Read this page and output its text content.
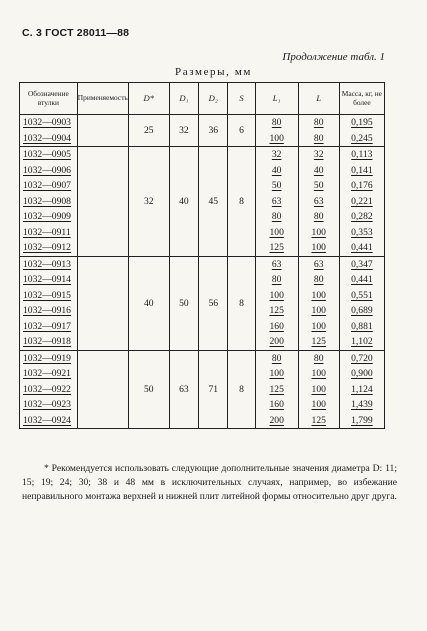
С. 3 ГОСТ 28011—88
Продолжение табл. 1
Размеры, мм
Обозначение втулки	Применяемость	D*	D₁	D₂	S	L₁	L	Масса, кг, не более
1032—0903		25	32	36	6	80	80	0,195
1032—0904						100	80	0,245
1032—0905		32	40	45	8	32	32	0,113
1032—0906						40	40	0,141
1032—0907						50	50	0,176
1032—0908						63	63	0,221
1032—0909						80	80	0,282
1032—0911						100	100	0,353
1032—0912						125	100	0,441
1032—0913		40	50	56	8	63	63	0,347
1032—0914						80	80	0,441
1032—0915						100	100	0,551
1032—0916						125	100	0,689
1032—0917						160	100	0,881
1032—0918						200	125	1,102
1032—0919		50	63	71	8	80	80	0,720
1032—0921						100	100	0,900
1032—0922						125	100	1,124
1032—0923						160	100	1,439
1032—0924						200	125	1,799
* Рекомендуется использовать следующие дополнительные значения диаметра D: 11; 15; 19; 24; 30; 38 и 48 мм в исключительных случаях, например, во избежание неправильного монтажа верхней и нижней плит литейной формы относительно друг друга.
